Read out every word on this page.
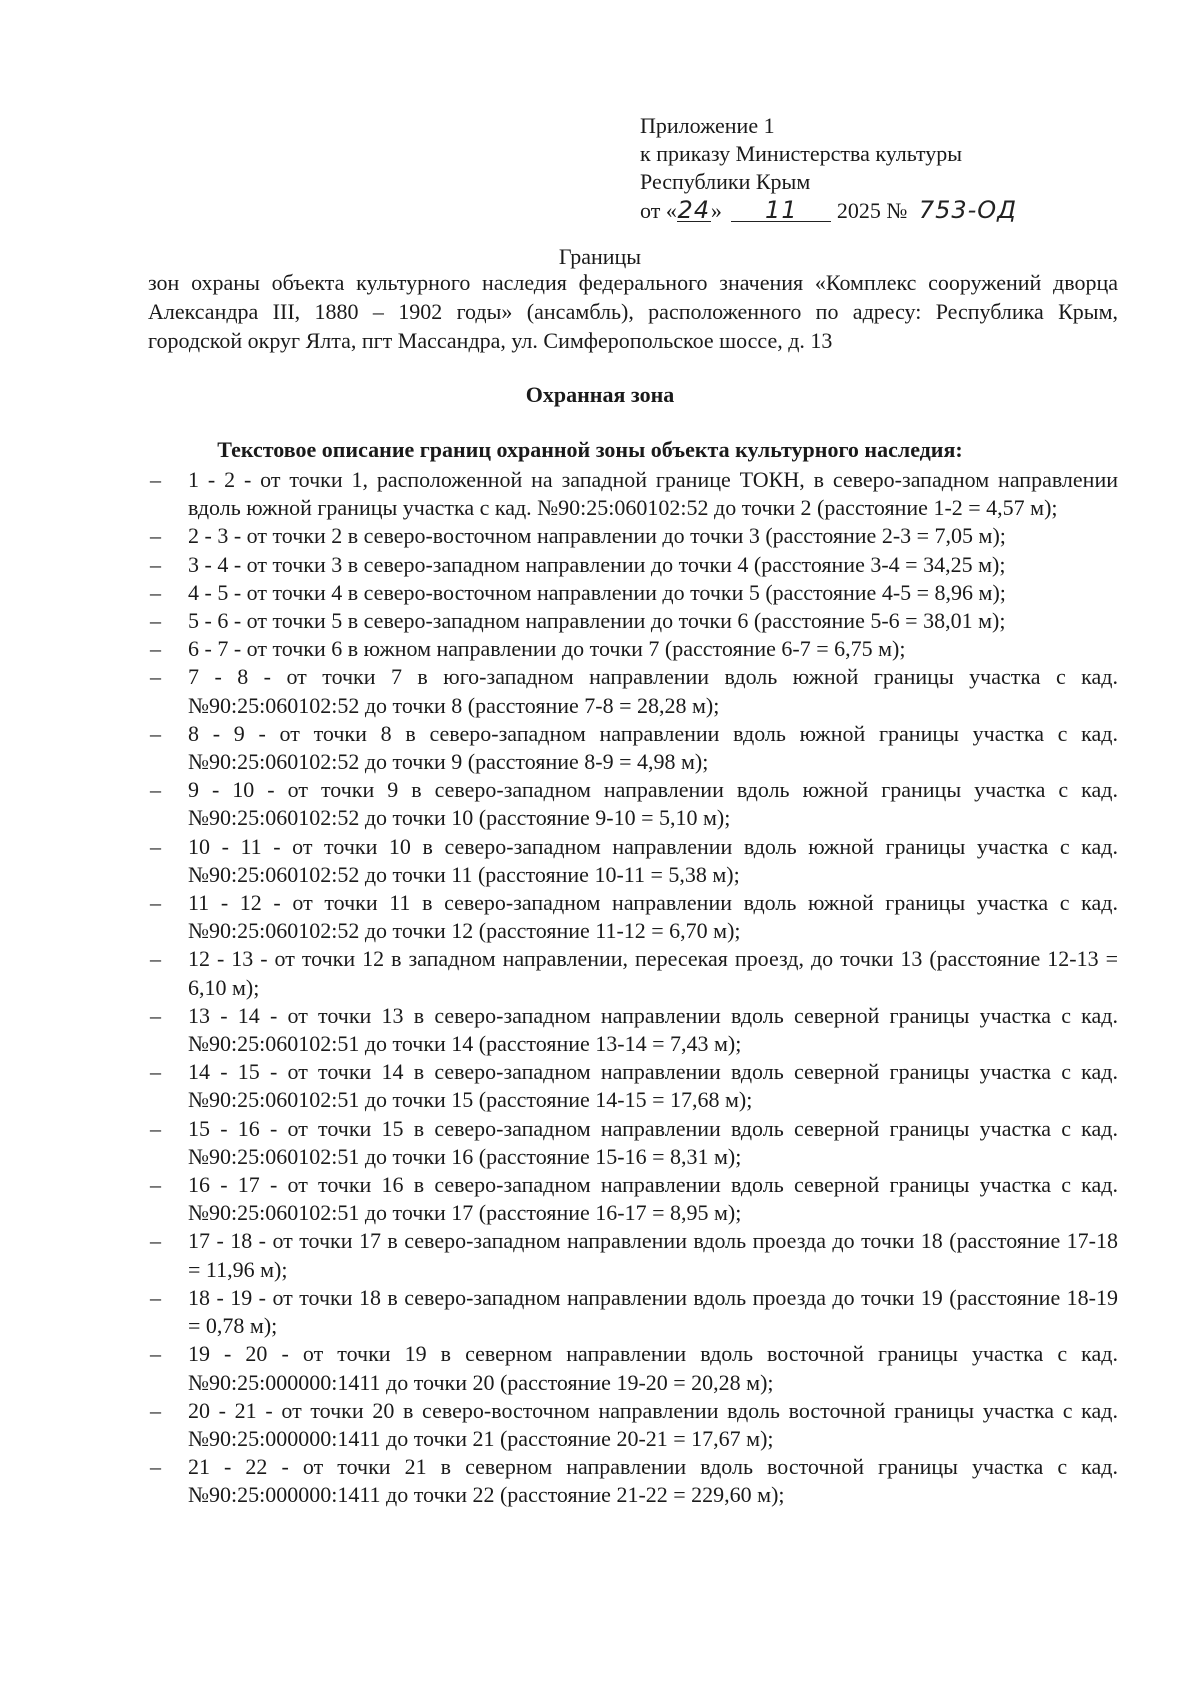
Приложение 1
к приказу Министерства культуры
Республики Крым
от «24» 11 2025 № 753-ОД
Границы
зон охраны объекта культурного наследия федерального значения «Комплекс сооружений дворца Александра III, 1880 – 1902 годы» (ансамбль), расположенного по адресу: Республика Крым, городской округ Ялта, пгт Массандра, ул. Симферопольское шоссе, д. 13
Охранная зона
Текстовое описание границ охранной зоны объекта культурного наследия:
– 1 - 2 - от точки 1, расположенной на западной границе ТОКН, в северо-западном направлении вдоль южной границы участка с кад. №90:25:060102:52 до точки 2 (расстояние 1-2 = 4,57 м);
– 2 - 3 - от точки 2 в северо-восточном направлении до точки 3 (расстояние 2-3 = 7,05 м);
– 3 - 4 - от точки 3 в северо-западном направлении до точки 4 (расстояние 3-4 = 34,25 м);
– 4 - 5 - от точки 4 в северо-восточном направлении до точки 5 (расстояние 4-5 = 8,96 м);
– 5 - 6 - от точки 5 в северо-западном направлении до точки 6 (расстояние 5-6 = 38,01 м);
– 6 - 7 - от точки 6 в южном направлении до точки 7 (расстояние 6-7 = 6,75 м);
– 7 - 8 - от точки 7 в юго-западном направлении вдоль южной границы участка с кад. №90:25:060102:52 до точки 8 (расстояние 7-8 = 28,28 м);
– 8 - 9 - от точки 8 в северо-западном направлении вдоль южной границы участка с кад. №90:25:060102:52 до точки 9 (расстояние 8-9 = 4,98 м);
– 9 - 10 - от точки 9 в северо-западном направлении вдоль южной границы участка с кад. №90:25:060102:52 до точки 10 (расстояние 9-10 = 5,10 м);
– 10 - 11 - от точки 10 в северо-западном направлении вдоль южной границы участка с кад. №90:25:060102:52 до точки 11 (расстояние 10-11 = 5,38 м);
– 11 - 12 - от точки 11 в северо-западном направлении вдоль южной границы участка с кад. №90:25:060102:52 до точки 12 (расстояние 11-12 = 6,70 м);
– 12 - 13 - от точки 12 в западном направлении, пересекая проезд, до точки 13 (расстояние 12-13 = 6,10 м);
– 13 - 14 - от точки 13 в северо-западном направлении вдоль северной границы участка с кад. №90:25:060102:51 до точки 14 (расстояние 13-14 = 7,43 м);
– 14 - 15 - от точки 14 в северо-западном направлении вдоль северной границы участка с кад. №90:25:060102:51 до точки 15 (расстояние 14-15 = 17,68 м);
– 15 - 16 - от точки 15 в северо-западном направлении вдоль северной границы участка с кад. №90:25:060102:51 до точки 16 (расстояние 15-16 = 8,31 м);
– 16 - 17 - от точки 16 в северо-западном направлении вдоль северной границы участка с кад. №90:25:060102:51 до точки 17 (расстояние 16-17 = 8,95 м);
– 17 - 18 - от точки 17 в северо-западном направлении вдоль проезда до точки 18 (расстояние 17-18 = 11,96 м);
– 18 - 19 - от точки 18 в северо-западном направлении вдоль проезда до точки 19 (расстояние 18-19 = 0,78 м);
– 19 - 20 - от точки 19 в северном направлении вдоль восточной границы участка с кад. №90:25:000000:1411 до точки 20 (расстояние 19-20 = 20,28 м);
– 20 - 21 - от точки 20 в северо-восточном направлении вдоль восточной границы участка с кад. №90:25:000000:1411 до точки 21 (расстояние 20-21 = 17,67 м);
– 21 - 22 - от точки 21 в северном направлении вдоль восточной границы участка с кад. №90:25:000000:1411 до точки 22 (расстояние 21-22 = 229,60 м);
